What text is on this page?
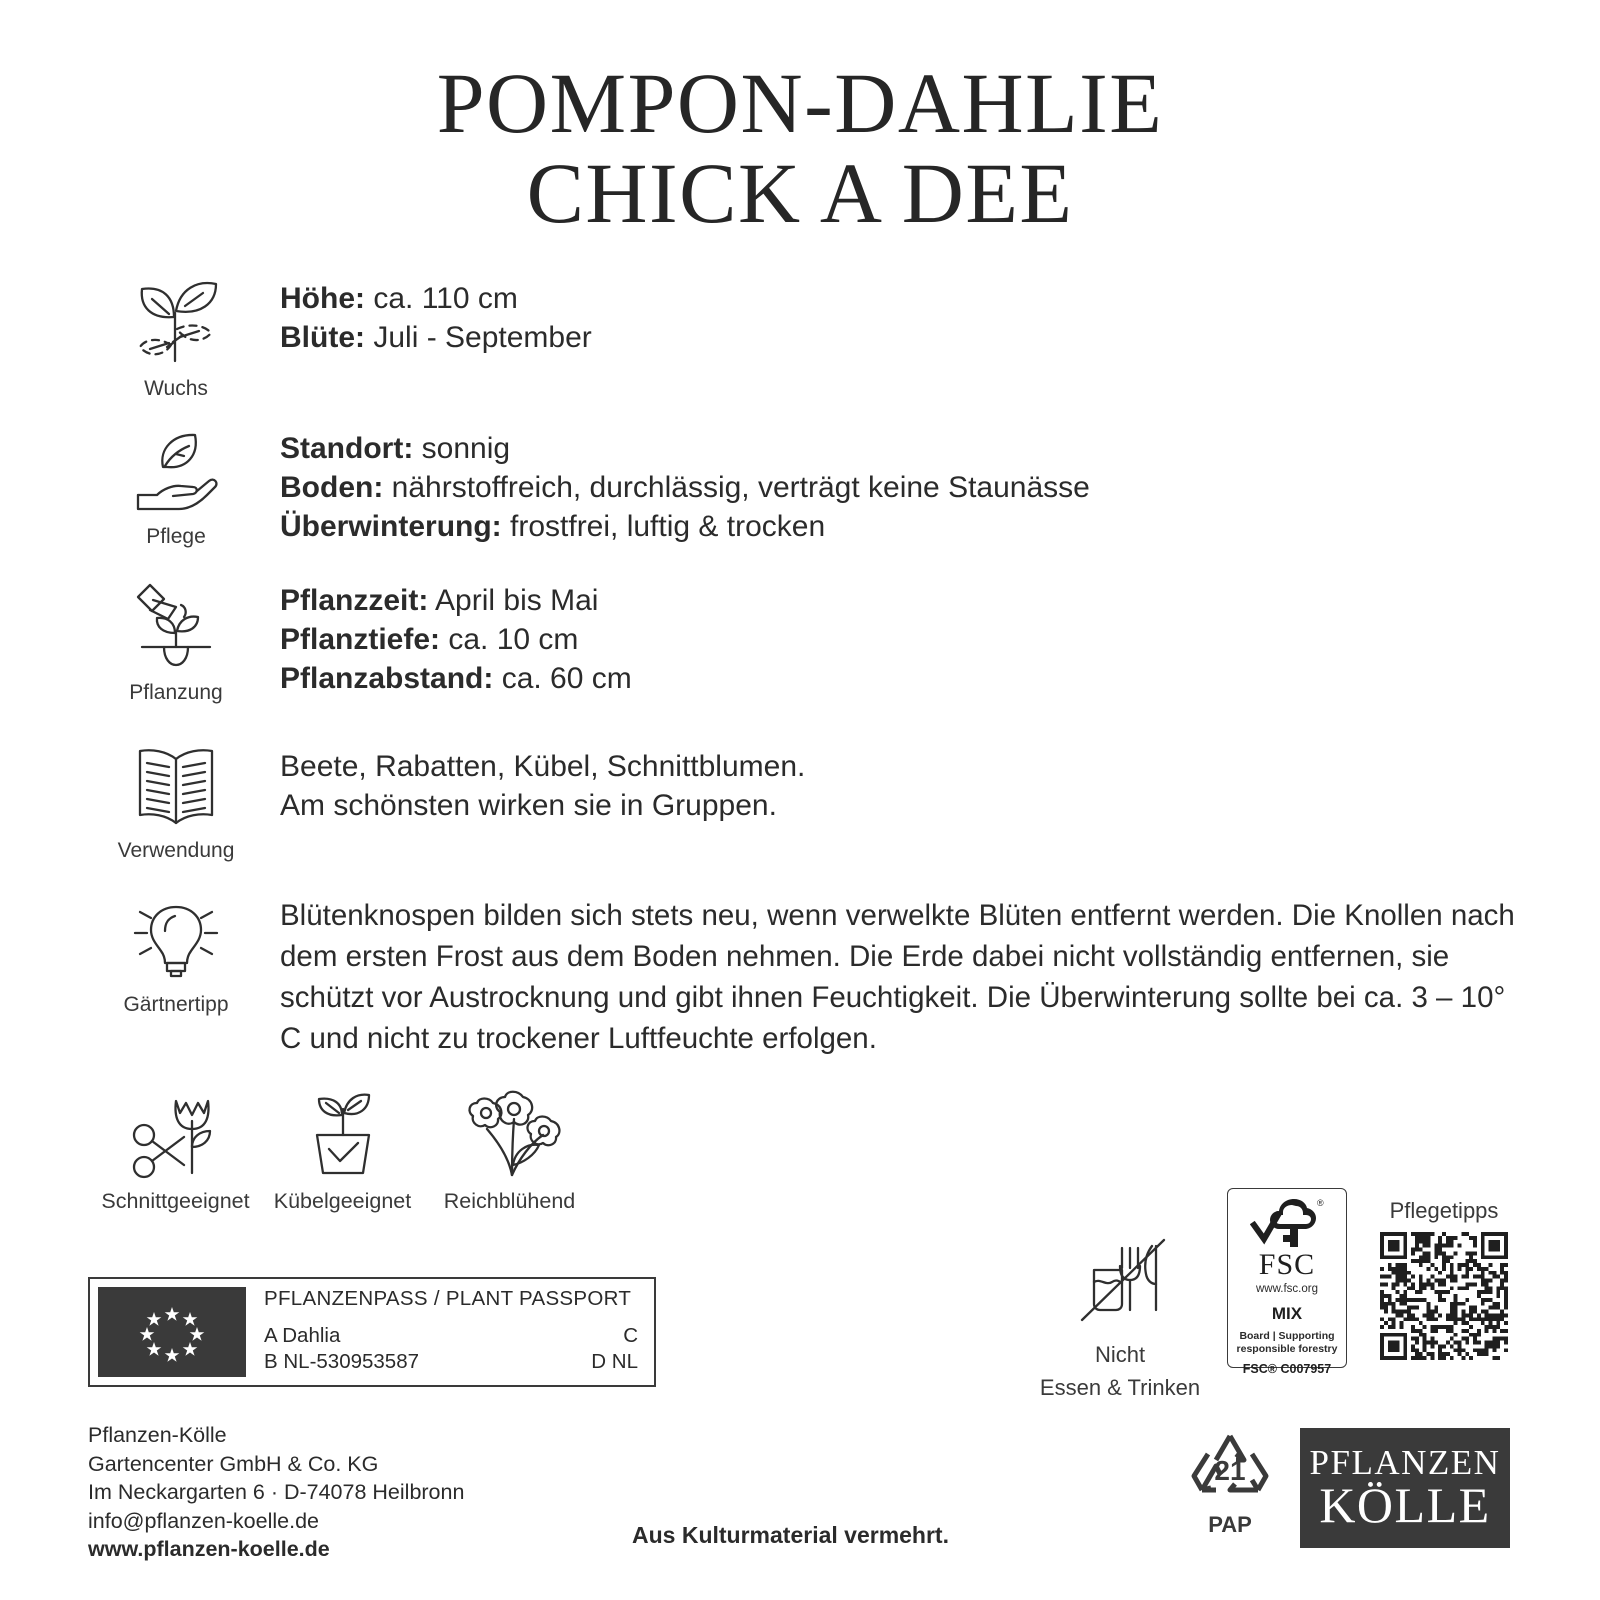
POMPON-DAHLIE
CHICK A DEE
Wuchs
Höhe: ca. 110 cm
Blüte: Juli - September
Pflege
Standort: sonnig
Boden: nährstoffreich, durchlässig, verträgt keine Staunässe
Überwinterung: frostfrei, luftig & trocken
Pflanzung
Pflanzzeit: April bis Mai
Pflanztiefe: ca. 10 cm
Pflanzabstand: ca. 60 cm
Verwendung
Beete, Rabatten, Kübel, Schnittblumen.
Am schönsten wirken sie in Gruppen.
Gärtnertipp
Blütenknospen bilden sich stets neu, wenn verwelkte Blüten entfernt werden. Die Knollen nach dem ersten Frost aus dem Boden nehmen. Die Erde dabei nicht vollständig entfernen, sie schützt vor Austrocknung und gibt ihnen Feuchtigkeit. Die Überwinterung sollte bei ca. 3 – 10° C und nicht zu trockener Luftfeuchte erfolgen.
Schnittgeeignet Kübelgeeignet Reichblühend
PFLANZENPASS / PLANT PASSPORT
A Dahlia	C
B NL-530953587	D NL
Pflanzen-Kölle
Gartencenter GmbH & Co. KG
Im Neckargarten 6 · D-74078 Heilbronn
info@pflanzen-koelle.de
www.pflanzen-koelle.de
Aus Kulturmaterial vermehrt.
Nicht
Essen & Trinken
®
FSC
www.fsc.org
MIX
Board | Supporting
responsible forestry
FSC® C007957
Pflegetipps
21
PAP
PFLANZEN
KÖLLE
